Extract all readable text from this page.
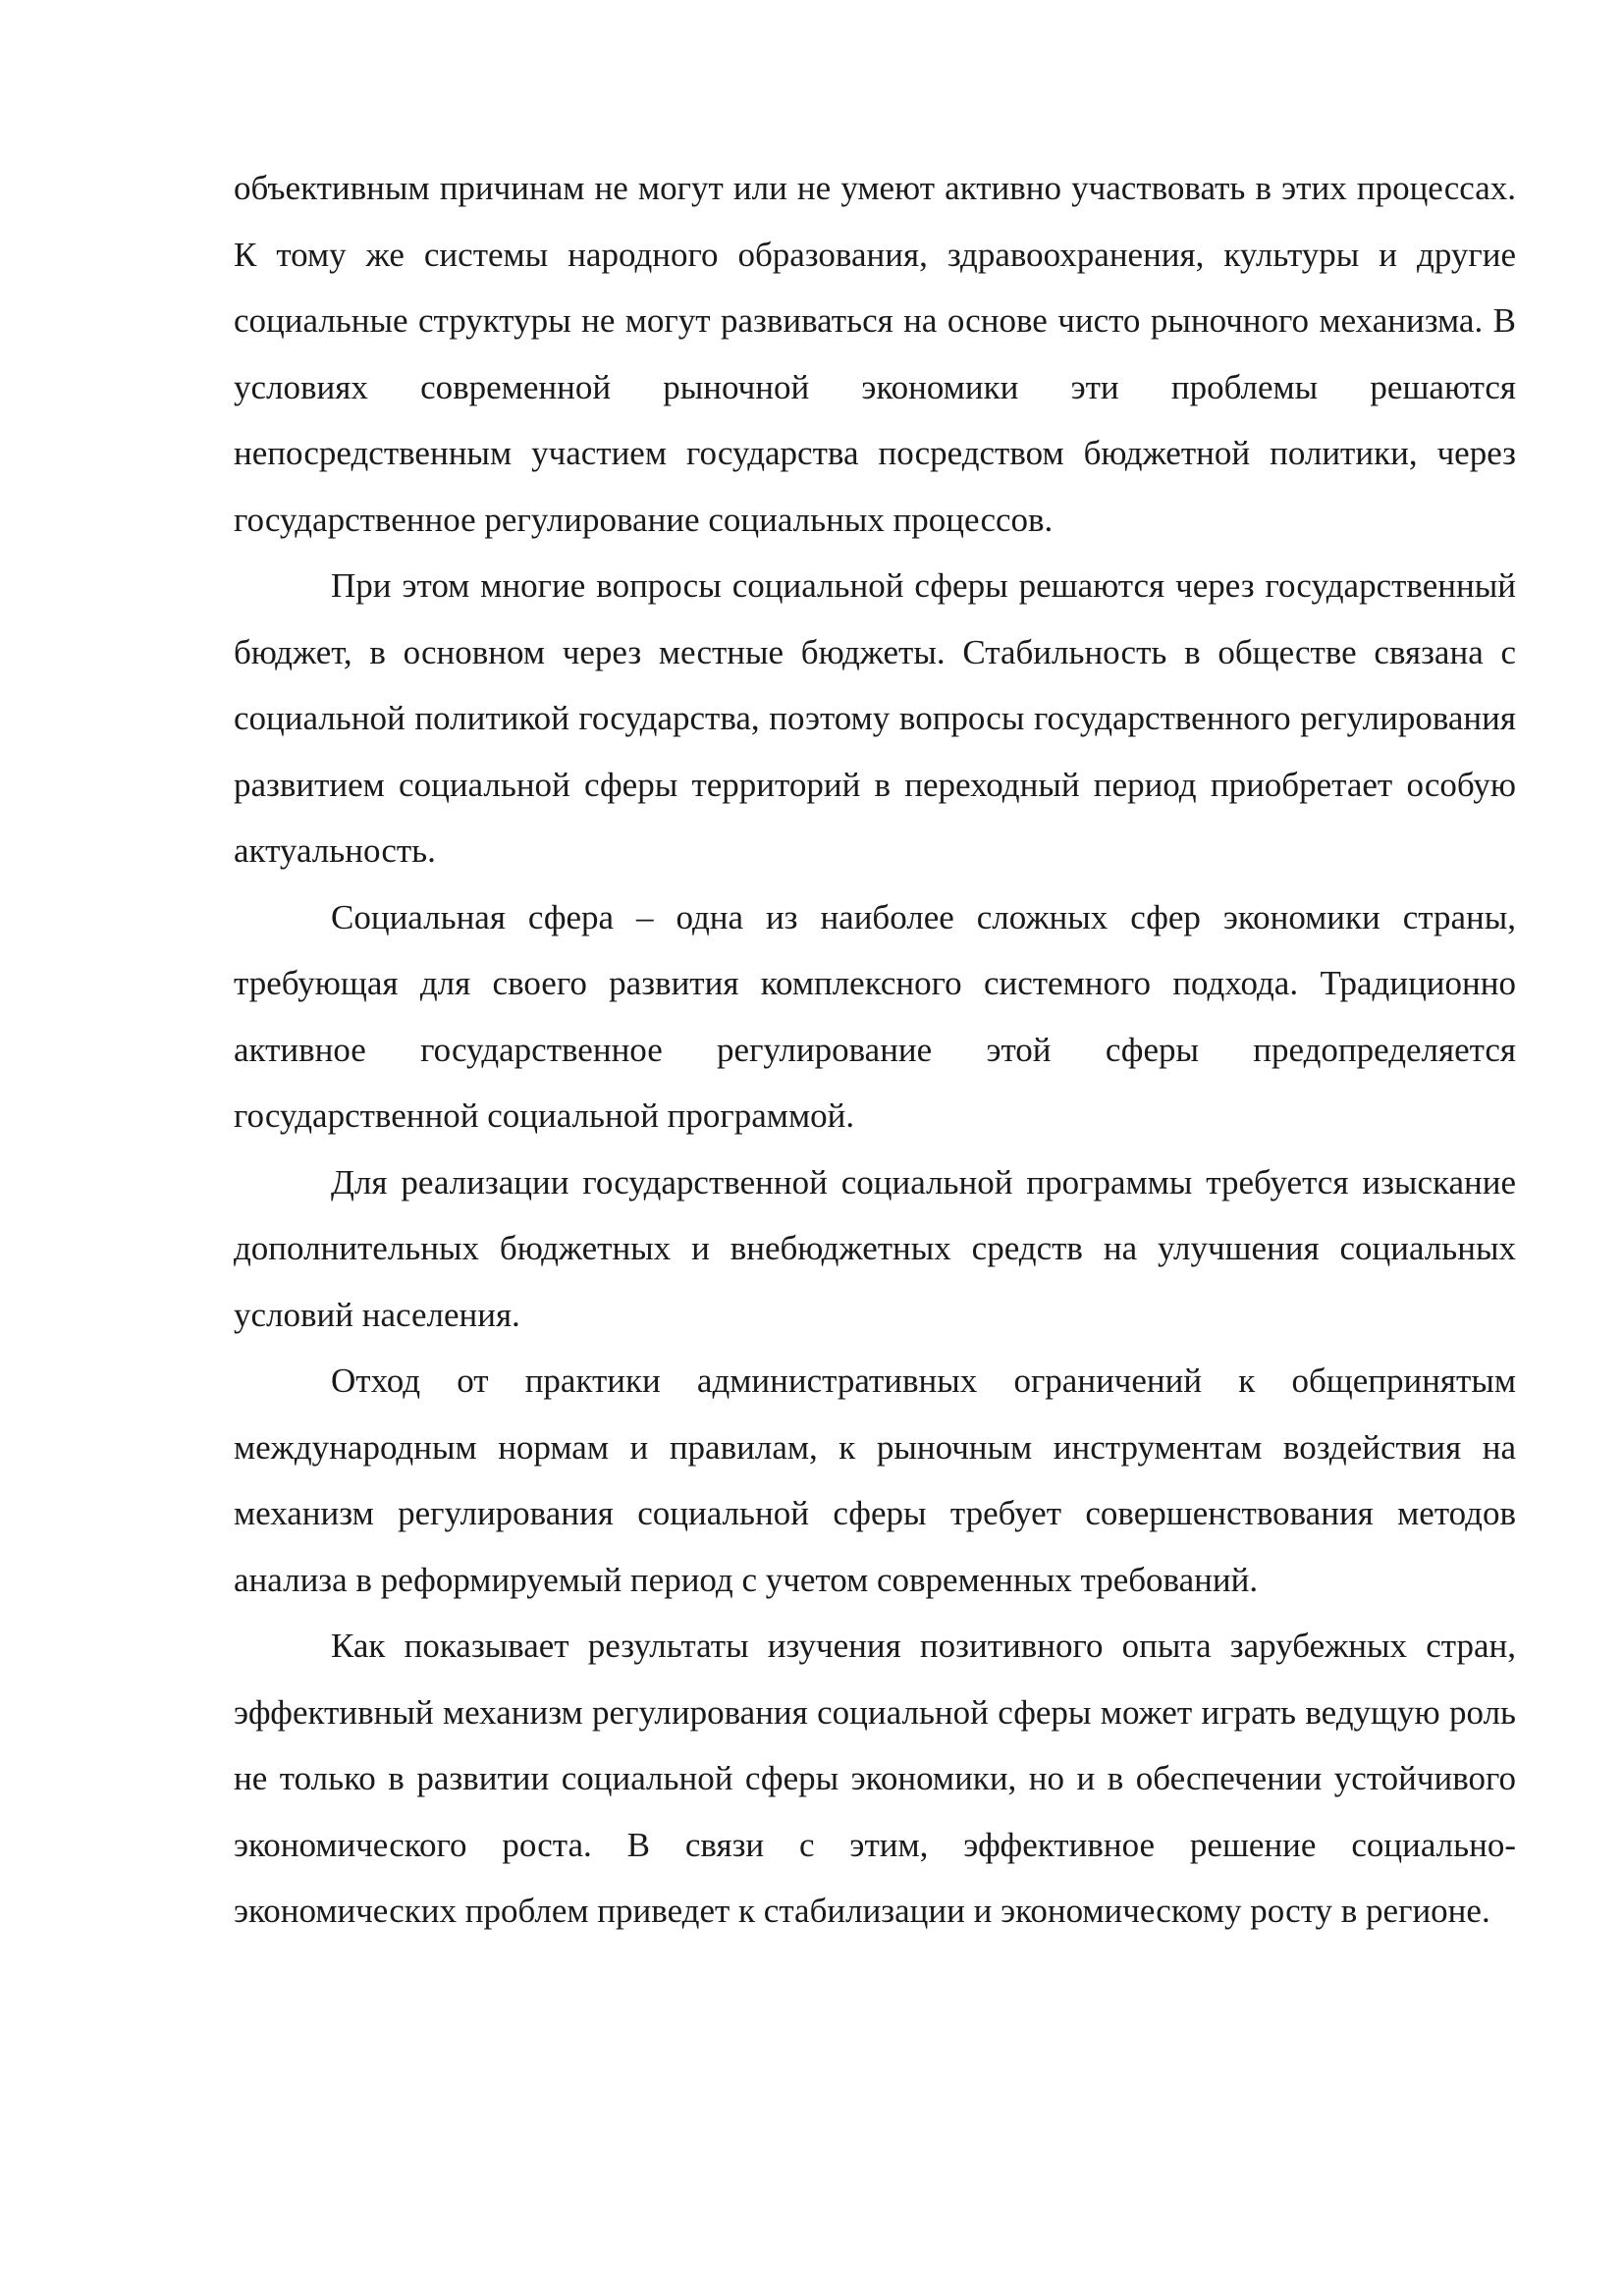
объективным причинам не могут или не умеют активно участвовать в этих процессах. К тому же системы народного образования, здравоохранения, культуры и другие социальные структуры не могут развиваться на основе чисто рыночного механизма. В условиях современной рыночной экономики эти проблемы решаются непосредственным участием государства посредством бюджетной политики, через государственное регулирование социальных процессов.

При этом многие вопросы социальной сферы решаются через государственный бюджет, в основном через местные бюджеты. Стабильность в обществе связана с социальной политикой государства, поэтому вопросы государственного регулирования развитием социальной сферы территорий в переходный период приобретает особую актуальность.

Социальная сфера – одна из наиболее сложных сфер экономики страны, требующая для своего развития комплексного системного подхода. Традиционно активное государственное регулирование этой сферы предопределяется государственной социальной программой.

Для реализации государственной социальной программы требуется изыскание дополнительных бюджетных и внебюджетных средств на улучшения социальных условий населения.

Отход от практики административных ограничений к общепринятым международным нормам и правилам, к рыночным инструментам воздействия на механизм регулирования социальной сферы требует совершенствования методов анализа в реформируемый период с учетом современных требований.

Как показывает результаты изучения позитивного опыта зарубежных стран, эффективный механизм регулирования социальной сферы может играть ведущую роль не только в развитии социальной сферы экономики, но и в обеспечении устойчивого экономического роста. В связи с этим, эффективное решение социально-экономических проблем приведет к стабилизации и экономическому росту в регионе.
